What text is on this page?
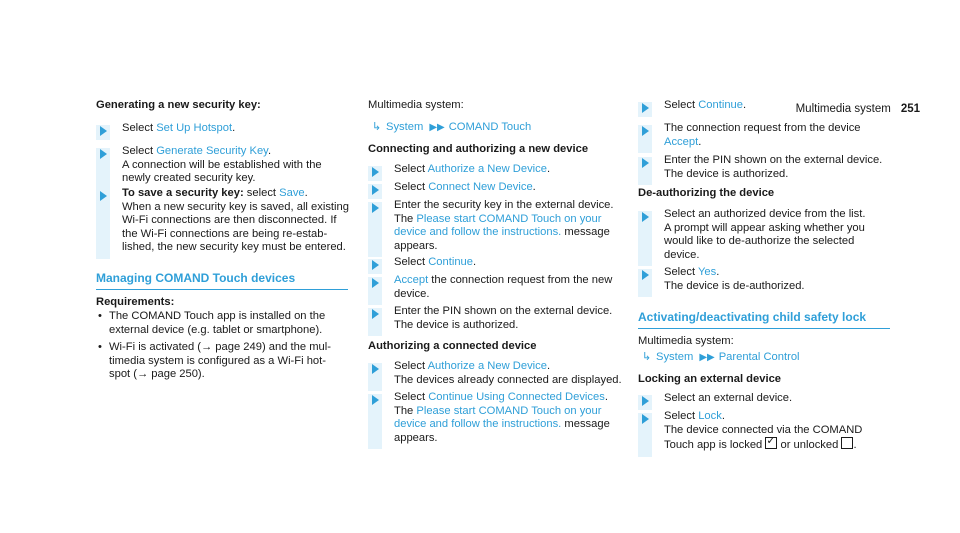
Multimedia system 251
Generating a new security key:
Select Set Up Hotspot.
Select Generate Security Key.
A connection will be established with the
newly created security key.
To save a security key: select Save.
When a new security key is saved, all existing
Wi-Fi connections are then disconnected. If
the Wi-Fi connections are being re-estab-
lished, the new security key must be entered.
Managing COMAND Touch devices
Requirements:
• The COMAND Touch app is installed on the
external device (e.g. tablet or smartphone).
• Wi-Fi is activated (→ page 249) and the mul-
timedia system is configured as a Wi-Fi hot-
spot (→ page 250).
Multimedia system:
↳ System ▶▶ COMAND Touch
Connecting and authorizing a new device
Select Authorize a New Device.
Select Connect New Device.
Enter the security key in the external device.
The Please start COMAND Touch on your
device and follow the instructions. message
appears.
Select Continue.
Accept the connection request from the new
device.
Enter the PIN shown on the external device.
The device is authorized.
Authorizing a connected device
Select Authorize a New Device.
The devices already connected are displayed.
Select Continue Using Connected Devices.
The Please start COMAND Touch on your
device and follow the instructions. message
appears.
Select Continue.
The connection request from the device
Accept.
Enter the PIN shown on the external device.
The device is authorized.
De-authorizing the device
Select an authorized device from the list.
A prompt will appear asking whether you
would like to de-authorize the selected
device.
Select Yes.
The device is de-authorized.
Activating/deactivating child safety lock
Multimedia system:
↳ System ▶▶ Parental Control
Locking an external device
Select an external device.
Select Lock.
The device connected via the COMAND
Touch app is locked ✓ or unlocked .
